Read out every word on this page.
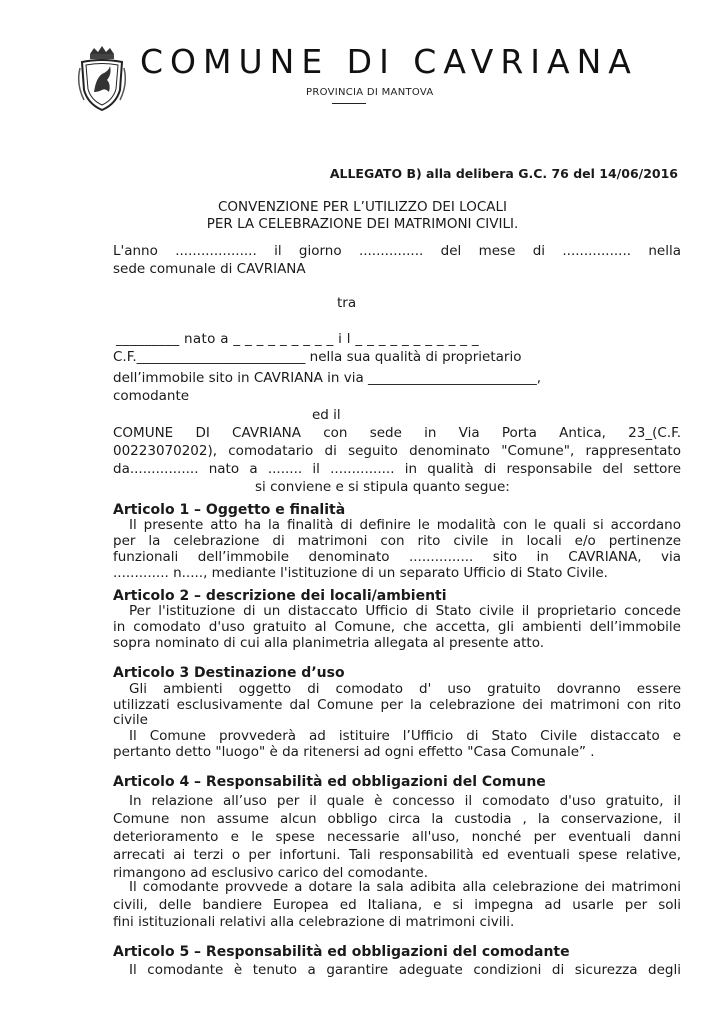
COMUNE DI CAVRIANA
PROVINCIA DI MANTOVA
ALLEGATO B) alla delibera G.C. 76 del 14/06/2016
CONVENZIONE PER L’UTILIZZO DEI LOCALI
PER LA CELEBRAZIONE DEI MATRIMONI CIVILI.
L'anno ................... il giorno ............... del mese di ................ nella
sede comunale di CAVRIANA
tra
_________ nato a _ _ _ _ _ _ _ _ _ i l _ _ _ _ _ _ _ _ _ _ _
C.F._________________________ nella sua qualità di proprietario
dell’immobile sito in CAVRIANA in via _________________________,
comodante
ed il
COMUNE DI CAVRIANA con sede in Via Porta Antica, 23_(C.F.
00223070202), comodatario di seguito denominato "Comune", rappresentato
da................ nato a ........ il ............... in qualità di responsabile del settore
si conviene e si stipula quanto segue:
Articolo 1 – Oggetto e finalità
Il presente atto ha la finalità di definire le modalità con le quali si accordano
per la celebrazione di matrimoni con rito civile in locali e/o pertinenze
funzionali dell’immobile denominato ............... sito in CAVRIANA, via
............. n....., mediante l'istituzione di un separato Ufficio di Stato Civile.
Articolo 2 – descrizione dei locali/ambienti
Per l'istituzione di un distaccato Ufficio di Stato civile il proprietario concede
in comodato d'uso gratuito al Comune, che accetta, gli ambienti dell’immobile
sopra nominato di cui alla planimetria allegata al presente atto.
Articolo 3 Destinazione d’uso
Gli ambienti oggetto di comodato d' uso gratuito dovranno essere
utilizzati esclusivamente dal Comune per la celebrazione dei matrimoni con rito
civile
Il Comune provvederà ad istituire l’Ufficio di Stato Civile distaccato e
pertanto detto "luogo" è da ritenersi ad ogni effetto "Casa Comunale” .
Articolo 4 – Responsabilità ed obbligazioni del Comune
In relazione all’uso per il quale è concesso il comodato d'uso gratuito, il
Comune non assume alcun obbligo circa la custodia , la conservazione, il
deterioramento e le spese necessarie all'uso, nonché per eventuali danni
arrecati ai terzi o per infortuni. Tali responsabilità ed eventuali spese relative,
rimangono ad esclusivo carico del comodante.
Il comodante provvede a dotare la sala adibita alla celebrazione dei matrimoni
civili, delle bandiere Europea ed Italiana, e si impegna ad usarle per soli
fini istituzionali relativi alla celebrazione di matrimoni civili.
Articolo 5 – Responsabilità ed obbligazioni del comodante
Il comodante è tenuto a garantire adeguate condizioni di sicurezza degli
